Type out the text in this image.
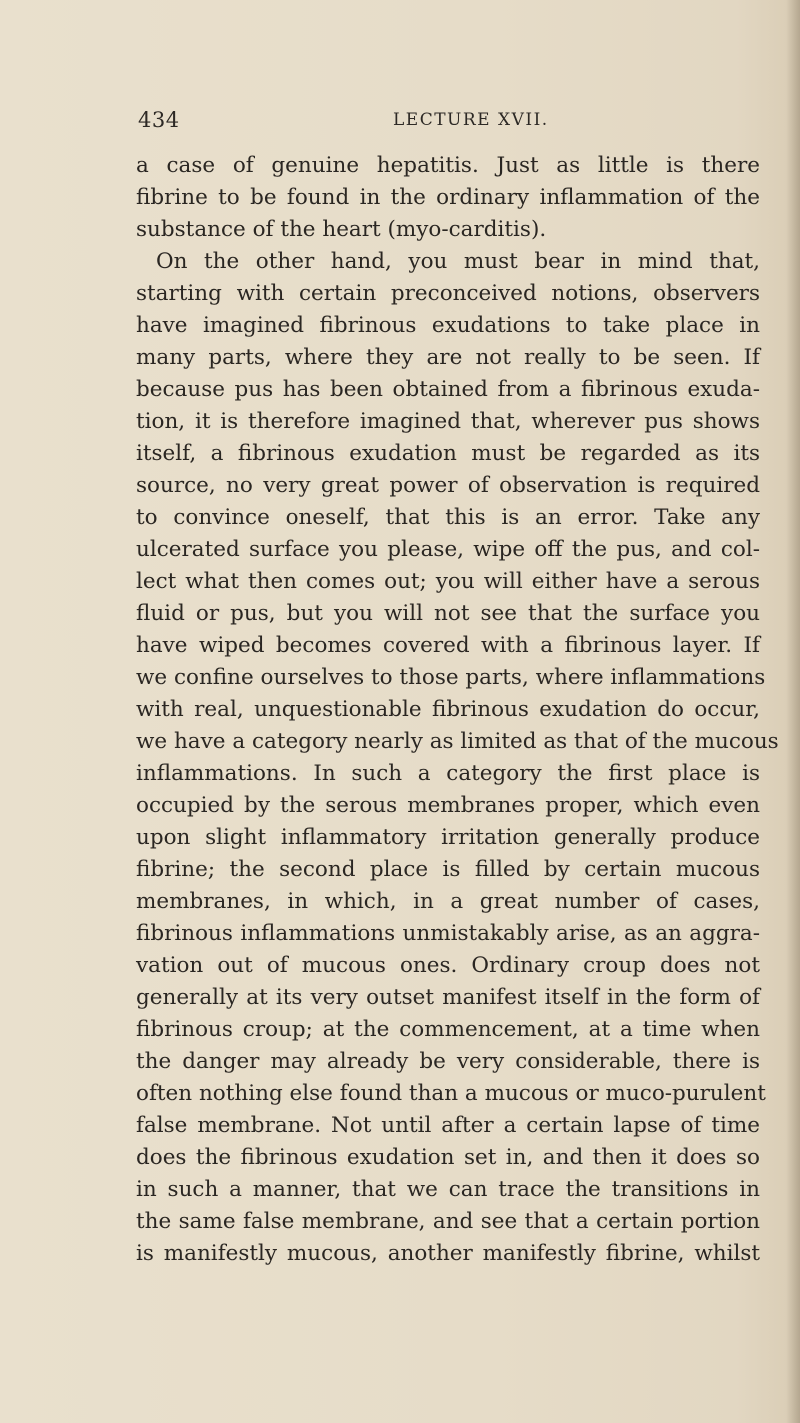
434	LECTURE XVII.
a case of genuine hepatitis. Just as little is there
fibrine to be found in the ordinary inflammation of the
substance of the heart (myo-carditis).
On the other hand, you must bear in mind that,
starting with certain preconceived notions, observers
have imagined fibrinous exudations to take place in
many parts, where they are not really to be seen. If
because pus has been obtained from a fibrinous exuda-
tion, it is therefore imagined that, wherever pus shows
itself, a fibrinous exudation must be regarded as its
source, no very great power of observation is required
to convince oneself, that this is an error. Take any
ulcerated surface you please, wipe off the pus, and col-
lect what then comes out; you will either have a serous
fluid or pus, but you will not see that the surface you
have wiped becomes covered with a fibrinous layer. If
we confine ourselves to those parts, where inflammations
with real, unquestionable fibrinous exudation do occur,
we have a category nearly as limited as that of the mucous
inflammations. In such a category the first place is
occupied by the serous membranes proper, which even
upon slight inflammatory irritation generally produce
fibrine; the second place is filled by certain mucous
membranes, in which, in a great number of cases,
fibrinous inflammations unmistakably arise, as an aggra-
vation out of mucous ones. Ordinary croup does not
generally at its very outset manifest itself in the form of
fibrinous croup; at the commencement, at a time when
the danger may already be very considerable, there is
often nothing else found than a mucous or muco-purulent
false membrane. Not until after a certain lapse of time
does the fibrinous exudation set in, and then it does so
in such a manner, that we can trace the transitions in
the same false membrane, and see that a certain portion
is manifestly mucous, another manifestly fibrine, whilst
